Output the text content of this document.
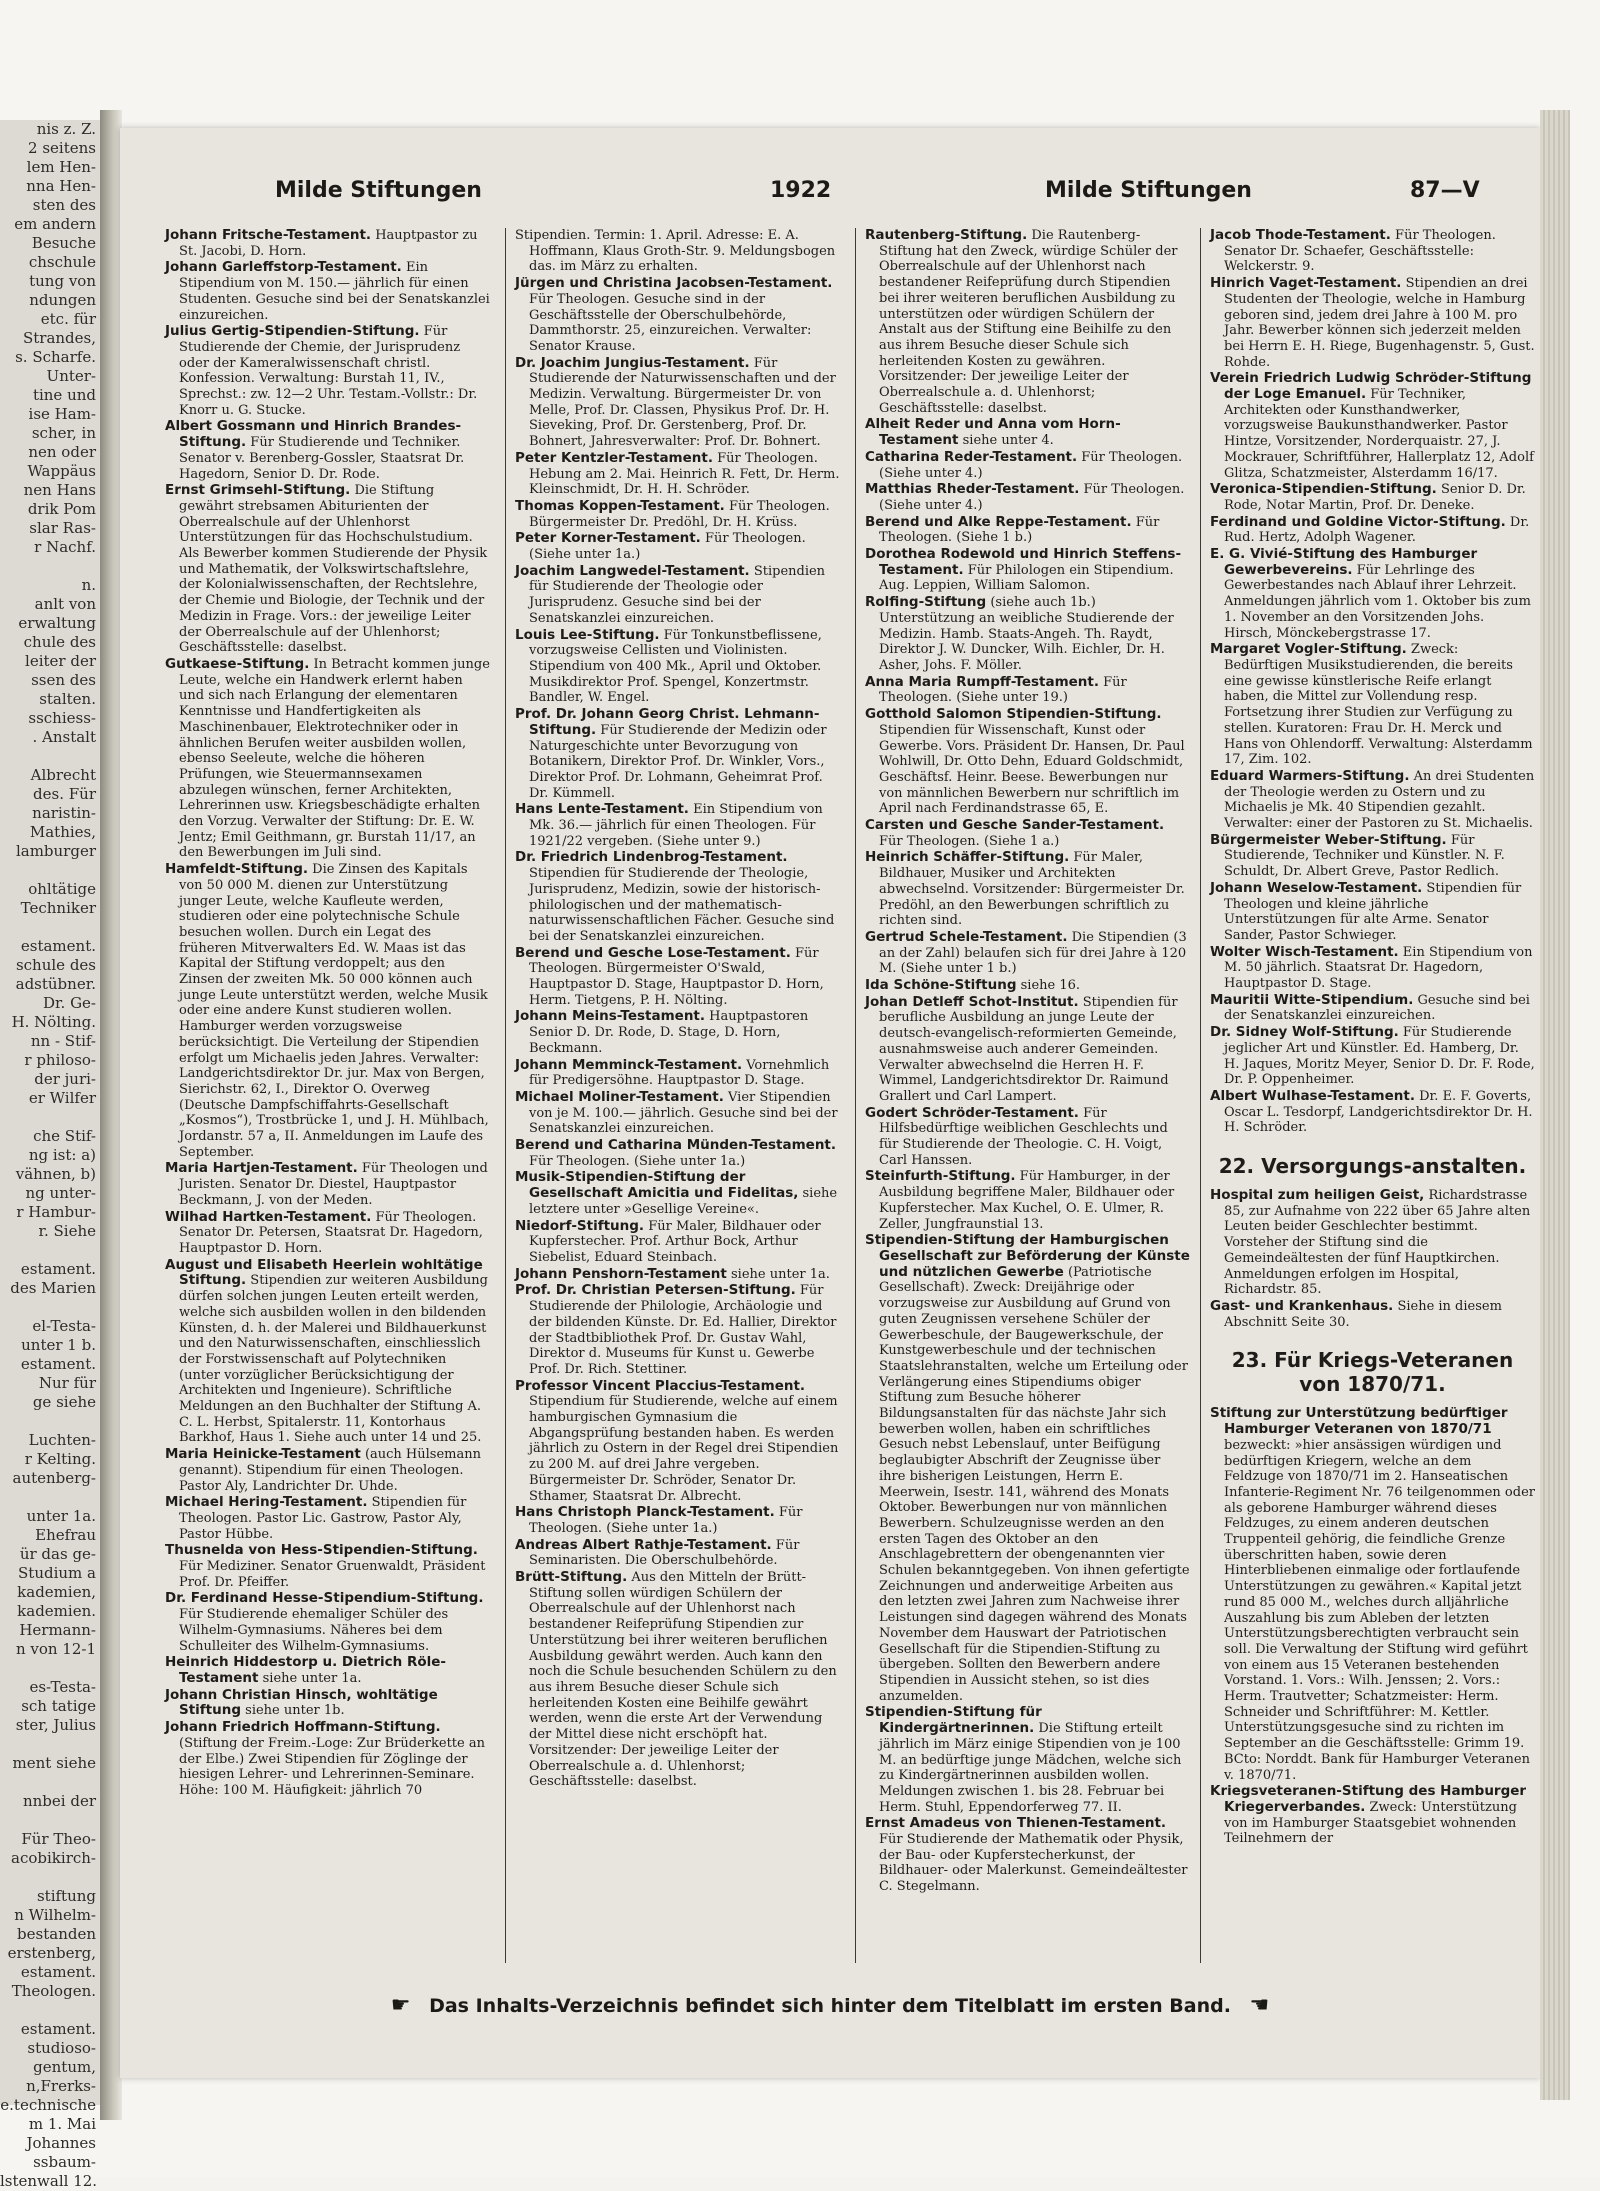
nis z. Z.
2 seitens
lem Hen-
nna Hen-
sten des
em andern
Besuche
chschule
tung von
ndungen
etc. für
Strandes,
s. Scharfe.
Unter-
tine und
ise Ham-
scher, in
nen oder
Wappäus
nen Hans
drik Pom
slar Ras-
r Nachf.

n.
anlt von
erwaltung
chule des
leiter der
ssen des
stalten.
sschiess-
. Anstalt

Albrecht
des. Für
naristin-
Mathies,
lamburger

ohltätige
Techniker

estament.
schule des
adstübner.
Dr. Ge-
H. Nölting.
nn - Stif-
r philoso-
der juri-
er Wilfer

che Stif-
ng ist: a)
vähnen, b)
ng unter-
r Hambur-
r. Siehe

estament.
des Marien

el-Testa-
unter 1 b.
estament.
Nur für
ge siehe

Luchten-
r Kelting.
autenberg-

unter 1a.
Ehefrau
ür das ge-
Studium a
kademien,
kademien.
Hermann-
n von 12-1

es-Testa-
sch tatige
ster, Julius

ment siehe

nnbei der

Für Theo-
acobikirch-

stiftung
n Wilhelm-
bestanden
erstenberg,
estament.
Theologen.

estament.
studioso-
gentum,
n,Frerks-
e.technische
m 1. Mai
Johannes
ssbaum-
lstenwall 12.
Milde Stiftungen	1922	Milde Stiftungen	87—V

Johann Fritsche-Testament. Hauptpastor zu St. Jacobi, D. Horn.

Johann Garleffstorp-Testament. Ein Stipendium von M. 150.— jährlich für einen Studenten. Gesuche sind bei der Senatskanzlei einzureichen.

Julius Gertig-Stipendien-Stiftung. Für Studierende der Chemie, der Jurisprudenz oder der Kameralwissenschaft christl. Konfession. Verwaltung: Burstah 11, IV., Sprechst.: zw. 12—2 Uhr. Testam.-Vollstr.: Dr. Knorr u. G. Stucke.

Albert Gossmann und Hinrich Brandes-Stiftung. Für Studierende und Techniker. Senator v. Berenberg-Gossler, Staatsrat Dr. Hagedorn, Senior D. Dr. Rode.

Ernst Grimsehl-Stiftung. Die Stiftung gewährt strebsamen Abiturienten der Oberrealschule auf der Uhlenhorst Unterstützungen für das Hochschulstudium. Als Bewerber kommen Studierende der Physik und Mathematik, der Volkswirtschaftslehre, der Kolonialwissenschaften, der Rechtslehre, der Chemie und Biologie, der Technik und der Medizin in Frage. Vors.: der jeweilige Leiter der Oberrealschule auf der Uhlenhorst; Geschäftsstelle: daselbst.

Gutkaese-Stiftung. In Betracht kommen junge Leute, welche ein Handwerk erlernt haben und sich nach Erlangung der elementaren Kenntnisse und Handfertigkeiten als Maschinenbauer, Elektrotechniker oder in ähnlichen Berufen weiter ausbilden wollen, ebenso Seeleute, welche die höheren Prüfungen, wie Steuermannsexamen abzulegen wünschen, ferner Architekten, Lehrerinnen usw. Kriegsbeschädigte erhalten den Vorzug. Verwalter der Stiftung: Dr. E. W. Jentz; Emil Geithmann, gr. Burstah 11/17, an den Bewerbungen im Juli sind.

Hamfeldt-Stiftung. Die Zinsen des Kapitals von 50 000 M. dienen zur Unterstützung junger Leute, welche Kaufleute werden, studieren oder eine polytechnische Schule besuchen wollen. Durch ein Legat des früheren Mitverwalters Ed. W. Maas ist das Kapital der Stiftung verdoppelt; aus den Zinsen der zweiten Mk. 50 000 können auch junge Leute unterstützt werden, welche Musik oder eine andere Kunst studieren wollen. Hamburger werden vorzugsweise berücksichtigt. Die Verteilung der Stipendien erfolgt um Michaelis jeden Jahres. Verwalter: Landgerichtsdirektor Dr. jur. Max von Bergen, Sierichstr. 62, I., Direktor O. Overweg (Deutsche Dampfschiffahrts-Gesellschaft „Kosmos“), Trostbrücke 1, und J. H. Mühlbach, Jordanstr. 57 a, II. Anmeldungen im Laufe des September.

Maria Hartjen-Testament. Für Theologen und Juristen. Senator Dr. Diestel, Hauptpastor Beckmann, J. von der Meden.

Wilhad Hartken-Testament. Für Theologen. Senator Dr. Petersen, Staatsrat Dr. Hagedorn, Hauptpastor D. Horn.

August und Elisabeth Heerlein wohltätige Stiftung. Stipendien zur weiteren Ausbildung dürfen solchen jungen Leuten erteilt werden, welche sich ausbilden wollen in den bildenden Künsten, d. h. der Malerei und Bildhauerkunst und den Naturwissenschaften, einschliesslich der Forstwissenschaft auf Polytechniken (unter vorzüglicher Berücksichtigung der Architekten und Ingenieure). Schriftliche Meldungen an den Buchhalter der Stiftung A. C. L. Herbst, Spitalerstr. 11, Kontorhaus Barkhof, Haus 1. Siehe auch unter 14 und 25.

Maria Heinicke-Testament (auch Hülsemann genannt). Stipendium für einen Theologen. Pastor Aly, Landrichter Dr. Uhde.

Michael Hering-Testament. Stipendien für Theologen. Pastor Lic. Gastrow, Pastor Aly, Pastor Hübbe.

Thusnelda von Hess-Stipendien-Stiftung. Für Mediziner. Senator Gruenwaldt, Präsident Prof. Dr. Pfeiffer.

Dr. Ferdinand Hesse-Stipendium-Stiftung. Für Studierende ehemaliger Schüler des Wilhelm-Gymnasiums. Näheres bei dem Schulleiter des Wilhelm-Gymnasiums.

Heinrich Hiddestorp u. Dietrich Röle-Testament siehe unter 1a.

Johann Christian Hinsch, wohltätige Stiftung siehe unter 1b.

Johann Friedrich Hoffmann-Stiftung. (Stiftung der Freim.-Loge: Zur Brüderkette an der Elbe.) Zwei Stipendien für Zöglinge der hiesigen Lehrer- und Lehrerinnen-Seminare. Höhe: 100 M. Häufigkeit: jährlich 70

Stipendien. Termin: 1. April. Adresse: E. A. Hoffmann, Klaus Groth-Str. 9. Meldungsbogen das. im März zu erhalten.

Jürgen und Christina Jacobsen-Testament. Für Theologen. Gesuche sind in der Geschäftsstelle der Oberschulbehörde, Dammthorstr. 25, einzureichen. Verwalter: Senator Krause.

Dr. Joachim Jungius-Testament. Für Studierende der Naturwissenschaften und der Medizin. Verwaltung. Bürgermeister Dr. von Melle, Prof. Dr. Classen, Physikus Prof. Dr. H. Sieveking, Prof. Dr. Gerstenberg, Prof. Dr. Bohnert, Jahresverwalter: Prof. Dr. Bohnert.

Peter Kentzler-Testament. Für Theologen. Hebung am 2. Mai. Heinrich R. Fett, Dr. Herm. Kleinschmidt, Dr. H. H. Schröder.

Thomas Koppen-Testament. Für Theologen. Bürgermeister Dr. Predöhl, Dr. H. Krüss.

Peter Korner-Testament. Für Theologen. (Siehe unter 1a.)

Joachim Langwedel-Testament. Stipendien für Studierende der Theologie oder Jurisprudenz. Gesuche sind bei der Senatskanzlei einzureichen.

Louis Lee-Stiftung. Für Tonkunstbeflissene, vorzugsweise Cellisten und Violinisten. Stipendium von 400 Mk., April und Oktober. Musikdirektor Prof. Spengel, Konzertmstr. Bandler, W. Engel.

Prof. Dr. Johann Georg Christ. Lehmann-Stiftung. Für Studierende der Medizin oder Naturgeschichte unter Bevorzugung von Botanikern, Direktor Prof. Dr. Winkler, Vors., Direktor Prof. Dr. Lohmann, Geheimrat Prof. Dr. Kümmell.

Hans Lente-Testament. Ein Stipendium von Mk. 36.— jährlich für einen Theologen. Für 1921/22 vergeben. (Siehe unter 9.)

Dr. Friedrich Lindenbrog-Testament. Stipendien für Studierende der Theologie, Jurisprudenz, Medizin, sowie der historisch-philologischen und der mathematisch-naturwissenschaftlichen Fächer. Gesuche sind bei der Senatskanzlei einzureichen.

Berend und Gesche Lose-Testament. Für Theologen. Bürgermeister O'Swald, Hauptpastor D. Stage, Hauptpastor D. Horn, Herm. Tietgens, P. H. Nölting.

Johann Meins-Testament. Hauptpastoren Senior D. Dr. Rode, D. Stage, D. Horn, Beckmann.

Johann Memminck-Testament. Vornehmlich für Predigersöhne. Hauptpastor D. Stage.

Michael Moliner-Testament. Vier Stipendien von je M. 100.— jährlich. Gesuche sind bei der Senatskanzlei einzureichen.

Berend und Catharina Münden-Testament. Für Theologen. (Siehe unter 1a.)

Musik-Stipendien-Stiftung der Gesellschaft Amicitia und Fidelitas, siehe letztere unter »Gesellige Vereine«.

Niedorf-Stiftung. Für Maler, Bildhauer oder Kupferstecher. Prof. Arthur Bock, Arthur Siebelist, Eduard Steinbach.

Johann Penshorn-Testament siehe unter 1a.

Prof. Dr. Christian Petersen-Stiftung. Für Studierende der Philologie, Archäologie und der bildenden Künste. Dr. Ed. Hallier, Direktor der Stadtbibliothek Prof. Dr. Gustav Wahl, Direktor d. Museums für Kunst u. Gewerbe Prof. Dr. Rich. Stettiner.

Professor Vincent Placcius-Testament. Stipendium für Studierende, welche auf einem hamburgischen Gymnasium die Abgangsprüfung bestanden haben. Es werden jährlich zu Ostern in der Regel drei Stipendien zu 200 M. auf drei Jahre vergeben. Bürgermeister Dr. Schröder, Senator Dr. Sthamer, Staatsrat Dr. Albrecht.

Hans Christoph Planck-Testament. Für Theologen. (Siehe unter 1a.)

Andreas Albert Rathje-Testament. Für Seminaristen. Die Oberschulbehörde.

Brütt-Stiftung. Aus den Mitteln der Brütt-Stiftung sollen würdigen Schülern der Oberrealschule auf der Uhlenhorst nach bestandener Reifeprüfung Stipendien zur Unterstützung bei ihrer weiteren beruflichen Ausbildung gewährt werden. Auch kann den noch die Schule besuchenden Schülern zu den aus ihrem Besuche dieser Schule sich herleitenden Kosten eine Beihilfe gewährt werden, wenn die erste Art der Verwendung der Mittel diese nicht erschöpft hat. Vorsitzender: Der jeweilige Leiter der Oberrealschule a. d. Uhlenhorst; Geschäftsstelle: daselbst.

Rautenberg-Stiftung. Die Rautenberg-Stiftung hat den Zweck, würdige Schüler der Oberrealschule auf der Uhlenhorst nach bestandener Reifeprüfung durch Stipendien bei ihrer weiteren beruflichen Ausbildung zu unterstützen oder würdigen Schülern der Anstalt aus der Stiftung eine Beihilfe zu den aus ihrem Besuche dieser Schule sich herleitenden Kosten zu gewähren. Vorsitzender: Der jeweilige Leiter der Oberrealschule a. d. Uhlenhorst; Geschäftsstelle: daselbst.

Alheit Reder und Anna vom Horn-Testament siehe unter 4.

Catharina Reder-Testament. Für Theologen. (Siehe unter 4.)

Matthias Rheder-Testament. Für Theologen. (Siehe unter 4.)

Berend und Alke Reppe-Testament. Für Theologen. (Siehe 1 b.)

Dorothea Rodewold und Hinrich Steffens-Testament. Für Philologen ein Stipendium. Aug. Leppien, William Salomon.

Rolfing-Stiftung (siehe auch 1b.) Unterstützung an weibliche Studierende der Medizin. Hamb. Staats-Angeh. Th. Raydt, Direktor J. W. Duncker, Wilh. Eichler, Dr. H. Asher, Johs. F. Möller.

Anna Maria Rumpff-Testament. Für Theologen. (Siehe unter 19.)

Gotthold Salomon Stipendien-Stiftung. Stipendien für Wissenschaft, Kunst oder Gewerbe. Vors. Präsident Dr. Hansen, Dr. Paul Wohlwill, Dr. Otto Dehn, Eduard Goldschmidt, Geschäftsf. Heinr. Beese. Bewerbungen nur von männlichen Bewerbern nur schriftlich im April nach Ferdinandstrasse 65, E.

Carsten und Gesche Sander-Testament. Für Theologen. (Siehe 1 a.)

Heinrich Schäffer-Stiftung. Für Maler, Bildhauer, Musiker und Architekten abwechselnd. Vorsitzender: Bürgermeister Dr. Predöhl, an den Bewerbungen schriftlich zu richten sind.

Gertrud Schele-Testament. Die Stipendien (3 an der Zahl) belaufen sich für drei Jahre à 120 M. (Siehe unter 1 b.)

Ida Schöne-Stiftung siehe 16.

Johan Detleff Schot-Institut. Stipendien für berufliche Ausbildung an junge Leute der deutsch-evangelisch-reformierten Gemeinde, ausnahmsweise auch anderer Gemeinden. Verwalter abwechselnd die Herren H. F. Wimmel, Landgerichtsdirektor Dr. Raimund Grallert und Carl Lampert.

Godert Schröder-Testament. Für Hilfsbedürftige weiblichen Geschlechts und für Studierende der Theologie. C. H. Voigt, Carl Hanssen.

Steinfurth-Stiftung. Für Hamburger, in der Ausbildung begriffene Maler, Bildhauer oder Kupferstecher. Max Kuchel, O. E. Ulmer, R. Zeller, Jungfraunstial 13.

Stipendien-Stiftung der Hamburgischen Gesellschaft zur Beförderung der Künste und nützlichen Gewerbe (Patriotische Gesellschaft). Zweck: Dreijährige oder vorzugsweise zur Ausbildung auf Grund von guten Zeugnissen versehene Schüler der Gewerbeschule, der Baugewerkschule, der Kunstgewerbeschule und der technischen Staatslehranstalten, welche um Erteilung oder Verlängerung eines Stipendiums obiger Stiftung zum Besuche höherer Bildungsanstalten für das nächste Jahr sich bewerben wollen, haben ein schriftliches Gesuch nebst Lebenslauf, unter Beifügung beglaubigter Abschrift der Zeugnisse über ihre bisherigen Leistungen, Herrn E. Meerwein, Isestr. 141, während des Monats Oktober. Bewerbungen nur von männlichen Bewerbern. Schulzeugnisse werden an den ersten Tagen des Oktober an den Anschlagebrettern der obengenannten vier Schulen bekanntgegeben. Von ihnen gefertigte Zeichnungen und anderweitige Arbeiten aus den letzten zwei Jahren zum Nachweise ihrer Leistungen sind dagegen während des Monats November dem Hauswart der Patriotischen Gesellschaft für die Stipendien-Stiftung zu übergeben. Sollten den Bewerbern andere Stipendien in Aussicht stehen, so ist dies anzumelden.

Stipendien-Stiftung für Kindergärtnerinnen. Die Stiftung erteilt jährlich im März einige Stipendien von je 100 M. an bedürftige junge Mädchen, welche sich zu Kindergärtnerinnen ausbilden wollen. Meldungen zwischen 1. bis 28. Februar bei Herm. Stuhl, Eppendorferweg 77. II.

Ernst Amadeus von Thienen-Testament. Für Studierende der Mathematik oder Physik, der Bau- oder Kupferstecherkunst, der Bildhauer- oder Malerkunst. Gemeindeältester C. Stegelmann.

Jacob Thode-Testament. Für Theologen. Senator Dr. Schaefer, Geschäftsstelle: Welckerstr. 9.

Hinrich Vaget-Testament. Stipendien an drei Studenten der Theologie, welche in Hamburg geboren sind, jedem drei Jahre à 100 M. pro Jahr. Bewerber können sich jederzeit melden bei Herrn E. H. Riege, Bugenhagenstr. 5, Gust. Rohde.

Verein Friedrich Ludwig Schröder-Stiftung der Loge Emanuel. Für Techniker, Architekten oder Kunsthandwerker, vorzugsweise Baukunsthandwerker. Pastor Hintze, Vorsitzender, Norderquaistr. 27, J. Mockrauer, Schriftführer, Hallerplatz 12, Adolf Glitza, Schatzmeister, Alsterdamm 16/17.

Veronica-Stipendien-Stiftung. Senior D. Dr. Rode, Notar Martin, Prof. Dr. Deneke.

Ferdinand und Goldine Victor-Stiftung. Dr. Rud. Hertz, Adolph Wagener.

E. G. Vivié-Stiftung des Hamburger Gewerbevereins. Für Lehrlinge des Gewerbestandes nach Ablauf ihrer Lehrzeit. Anmeldungen jährlich vom 1. Oktober bis zum 1. November an den Vorsitzenden Johs. Hirsch, Mönckebergstrasse 17.

Margaret Vogler-Stiftung. Zweck: Bedürftigen Musikstudierenden, die bereits eine gewisse künstlerische Reife erlangt haben, die Mittel zur Vollendung resp. Fortsetzung ihrer Studien zur Verfügung zu stellen. Kuratoren: Frau Dr. H. Merck und Hans von Ohlendorff. Verwaltung: Alsterdamm 17, Zim. 102.

Eduard Warmers-Stiftung. An drei Studenten der Theologie werden zu Ostern und zu Michaelis je Mk. 40 Stipendien gezahlt. Verwalter: einer der Pastoren zu St. Michaelis.

Bürgermeister Weber-Stiftung. Für Studierende, Techniker und Künstler. N. F. Schuldt, Dr. Albert Greve, Pastor Redlich.

Johann Weselow-Testament. Stipendien für Theologen und kleine jährliche Unterstützungen für alte Arme. Senator Sander, Pastor Schwieger.

Wolter Wisch-Testament. Ein Stipendium von M. 50 jährlich. Staatsrat Dr. Hagedorn, Hauptpastor D. Stage.

Mauritii Witte-Stipendium. Gesuche sind bei der Senatskanzlei einzureichen.

Dr. Sidney Wolf-Stiftung. Für Studierende jeglicher Art und Künstler. Ed. Hamberg, Dr. H. Jaques, Moritz Meyer, Senior D. Dr. F. Rode, Dr. P. Oppenheimer.

Albert Wulhase-Testament. Dr. E. F. Goverts, Oscar L. Tesdorpf, Landgerichtsdirektor Dr. H. H. Schröder.

22. Versorgungs-anstalten.

Hospital zum heiligen Geist, Richardstrasse 85, zur Aufnahme von 222 über 65 Jahre alten Leuten beider Geschlechter bestimmt. Vorsteher der Stiftung sind die Gemeindeältesten der fünf Hauptkirchen. Anmeldungen erfolgen im Hospital, Richardstr. 85.

Gast- und Krankenhaus. Siehe in diesem Abschnitt Seite 30.

23. Für Kriegs-Veteranen von 1870/71.

Stiftung zur Unterstützung bedürftiger Hamburger Veteranen von 1870/71 bezweckt: »hier ansässigen würdigen und bedürftigen Kriegern, welche an dem Feldzuge von 1870/71 im 2. Hanseatischen Infanterie-Regiment Nr. 76 teilgenommen oder als geborene Hamburger während dieses Feldzuges, zu einem anderen deutschen Truppenteil gehörig, die feindliche Grenze überschritten haben, sowie deren Hinterbliebenen einmalige oder fortlaufende Unterstützungen zu gewähren.« Kapital jetzt rund 85 000 M., welches durch alljährliche Auszahlung bis zum Ableben der letzten Unterstützungsberechtigten verbraucht sein soll. Die Verwaltung der Stiftung wird geführt von einem aus 15 Veteranen bestehenden Vorstand. 1. Vors.: Wilh. Jenssen; 2. Vors.: Herm. Trautvetter; Schatzmeister: Herm. Schneider und Schriftführer: M. Kettler. Unterstützungsgesuche sind zu richten im September an die Geschäftsstelle: Grimm 19. BCto: Norddt. Bank für Hamburger Veteranen v. 1870/71.

Kriegsveteranen-Stiftung des Hamburger Kriegerverbandes. Zweck: Unterstützung von im Hamburger Staatsgebiet wohnenden Teilnehmern der

☛ Das Inhalts-Verzeichnis befindet sich hinter dem Titelblatt im ersten Band. ☚
